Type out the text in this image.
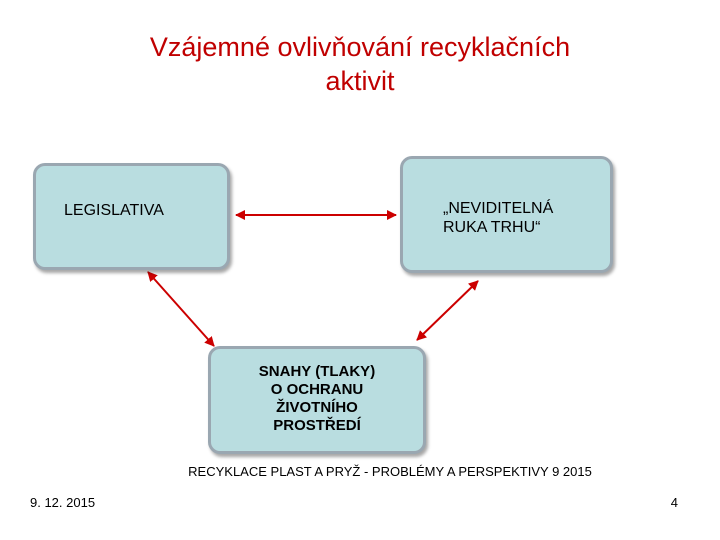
Vzájemné ovlivňování recyklačních
aktivit
LEGISLATIVA	„NEVIDITELNÁ
RUKA TRHU“
SNAHY (TLAKY)
O OCHRANU
ŽIVOTNÍHO
PROSTŘEDÍ
RECYKLACE PLAST A PRYŽ - PROBLÉMY A PERSPEKTIVY 9 2015
9. 12. 2015	4
